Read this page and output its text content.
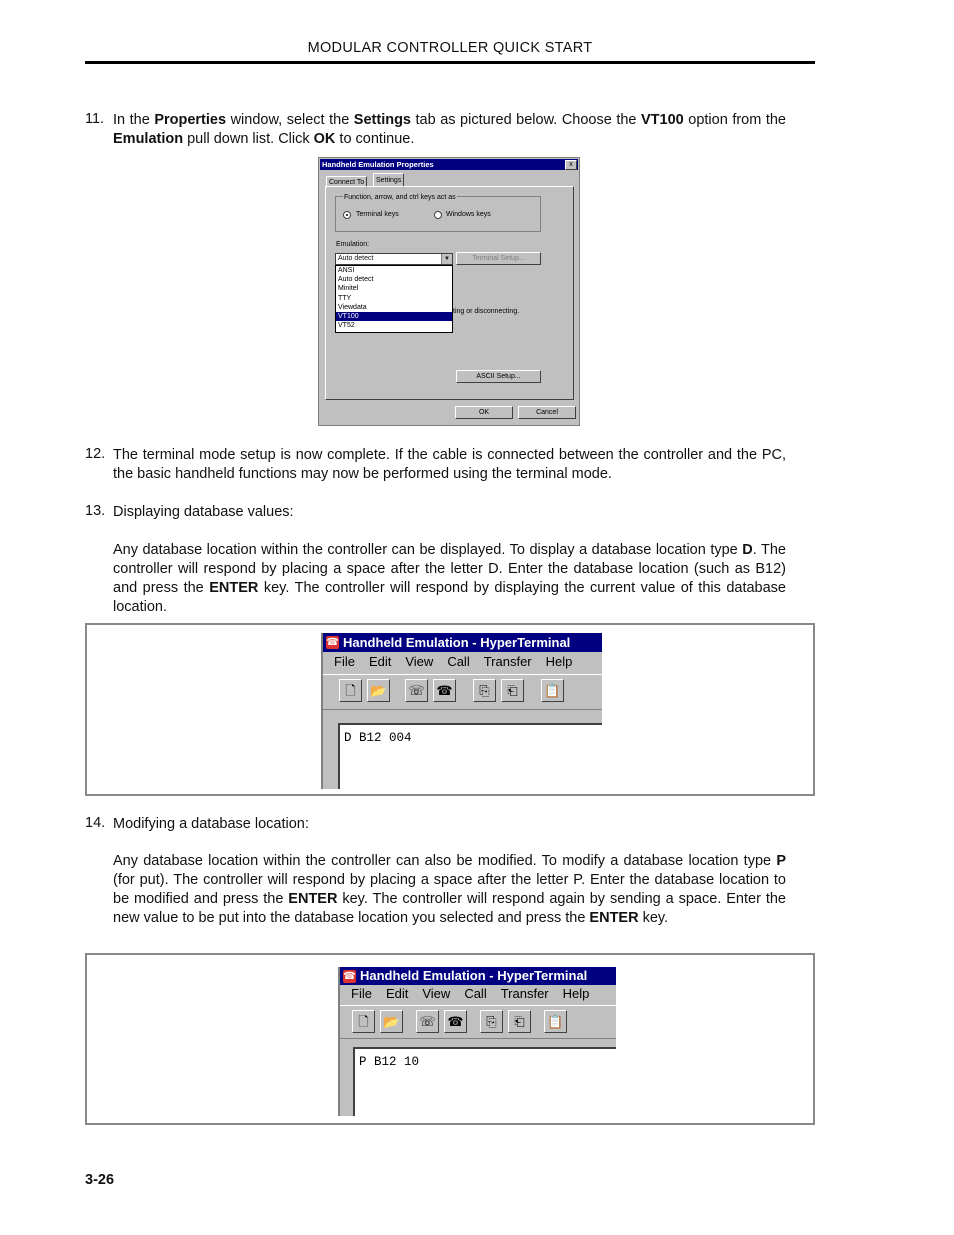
MODULAR CONTROLLER QUICK START
11. In the Properties window, select the Settings tab as pictured below. Choose the VT100 option from the Emulation pull down list. Click OK to continue.
Handheld Emulation Properties	x
Connect To	Settings
Function, arrow, and ctrl keys act as
Terminal keys	Windows keys
Emulation:
Auto detect	▼	Terminal Setup...
ANSI
Auto detect
Minitel
TTY
Viewdata
VT100
VT52
ting or disconnecting.
ASCII Setup...
OK	Cancel
12. The terminal mode setup is now complete. If the cable is connected between the controller and the PC, the basic handheld functions may now be performed using the terminal mode.
13. Displaying database values:
Any database location within the controller can be displayed. To display a database location type D. The controller will respond by placing a space after the letter D. Enter the database location (such as B12) and press the ENTER key. The controller will respond by displaying the current value of this database location.
Handheld Emulation - HyperTerminal
☎
File Edit View Call Transfer Help
🗋	📂 ☏ ☎	⎘	⎗	📋
D B12 004
14. Modifying a database location:
Any database location within the controller can also be modified. To modify a database location type P (for put). The controller will respond by placing a space after the letter P. Enter the database location to be modified and press the ENTER key. The controller will respond again by sending a space. Enter the new value to be put into the database location you selected and press the ENTER key.
Handheld Emulation - HyperTerminal
☎
File Edit View Call Transfer Help
🗋	📂 ☏ ☎	⎘	⎗	📋
P B12 10
3-26
